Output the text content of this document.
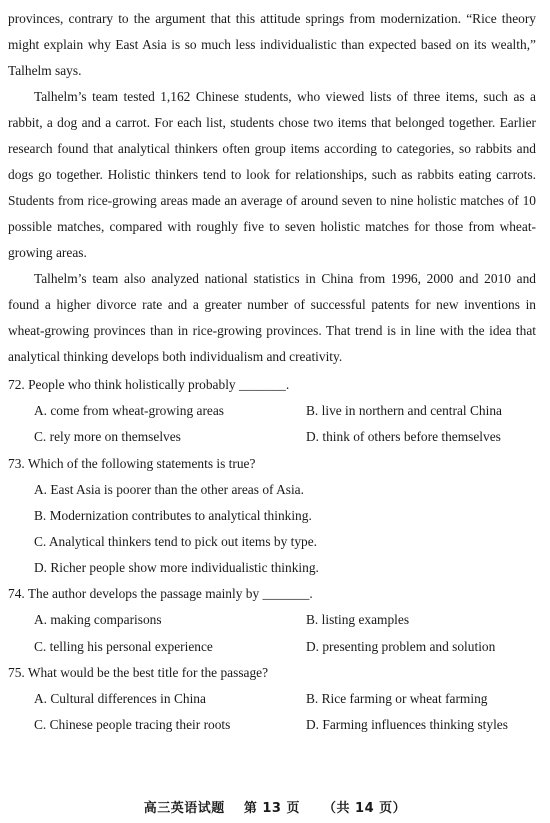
provinces, contrary to the argument that this attitude springs from modernization. “Rice theory might explain why East Asia is so much less individualistic than expected based on its wealth,” Talhelm says.

Talhelm’s team tested 1,162 Chinese students, who viewed lists of three items, such as a rabbit, a dog and a carrot. For each list, students chose two items that belonged together. Earlier research found that analytical thinkers often group items according to categories, so rabbits and dogs go together. Holistic thinkers tend to look for relationships, such as rabbits eating carrots. Students from rice-growing areas made an average of around seven to nine holistic matches of 10 possible matches, compared with roughly five to seven holistic matches for those from wheat-growing areas.

Talhelm’s team also analyzed national statistics in China from 1996, 2000 and 2010 and found a higher divorce rate and a greater number of successful patents for new inventions in wheat-growing provinces than in rice-growing provinces. That trend is in line with the idea that analytical thinking develops both individualism and creativity.

72. People who think holistically probably _______.

A. come from wheat-growing areas	B. live in northern and central China

C. rely more on themselves	D. think of others before themselves

73. Which of the following statements is true?

A. East Asia is poorer than the other areas of Asia.

B. Modernization contributes to analytical thinking.

C. Analytical thinkers tend to pick out items by type.

D. Richer people show more individualistic thinking.

74. The author develops the passage mainly by _______.

A. making comparisons	B. listing examples

C. telling his personal experience	D. presenting problem and solution

75. What would be the best title for the passage?

A. Cultural differences in China	B. Rice farming or wheat farming

C. Chinese people tracing their roots	D. Farming influences thinking styles

高三英语试题 第 13 页 （共 14 页）
